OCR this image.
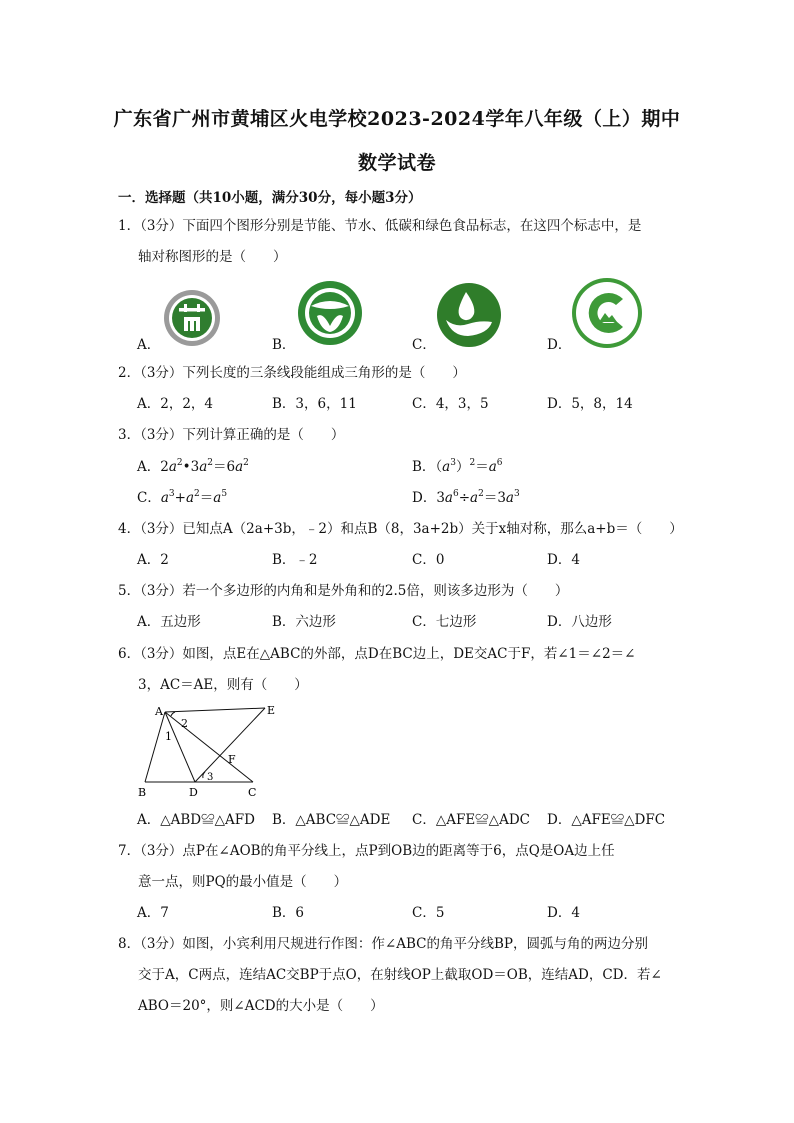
广东省广州市黄埔区火电学校2023-2024学年八年级（上）期中
数学试卷
一．选择题（共10小题，满分30分，每小题3分）
1．（3分）下面四个图形分别是节能、节水、低碳和绿色食品标志，在这四个标志中，是
轴对称图形的是（　　）
A．	B．	C．	D．
2．（3分）下列长度的三条线段能组成三角形的是（　　）
A．2，2，4	B．3，6，11	C．4，3，5	D．5，8，14
3．（3分）下列计算正确的是（　　）
A．$2a^2•3a^2=6a^2$	B．$(a^3)^2=a^6$
C．$a^3+a^2=a^5$	D．$3a^6\div a^2=3a^3$
4．（3分）已知点A（2a+3b，﹣2）和点B（8，3a+2b）关于x轴对称，那么a+b＝（　　）
A．2	B．﹣2	C．0	D．4
5．（3分）若一个多边形的内角和是外角和的2.5倍，则该多边形为（　　）
A．五边形	B．六边形	C．七边形	D．八边形
6．（3分）如图，点E在△ABC的外部，点D在BC边上，DE交AC于F，若∠1＝∠2＝∠
3，AC＝AE，则有（　　）
A	E
2
1
F
3
B	D	C
A．△ABD≌△AFD B．△ABC≌△ADE C．△AFE≌△ADC D．△AFE≌△DFC
7．（3分）点P在∠AOB的角平分线上，点P到OB边的距离等于6，点Q是OA边上任
意一点，则PQ的最小值是（　　）
A．7	B．6	C．5	D．4
8．（3分）如图，小宾利用尺规进行作图：作∠ABC的角平分线BP，圆弧与角的两边分别
交于A，C两点，连结AC交BP于点O，在射线OP上截取OD＝OB，连结AD，CD．若∠
ABO＝20°，则∠ACD的大小是（　　）
